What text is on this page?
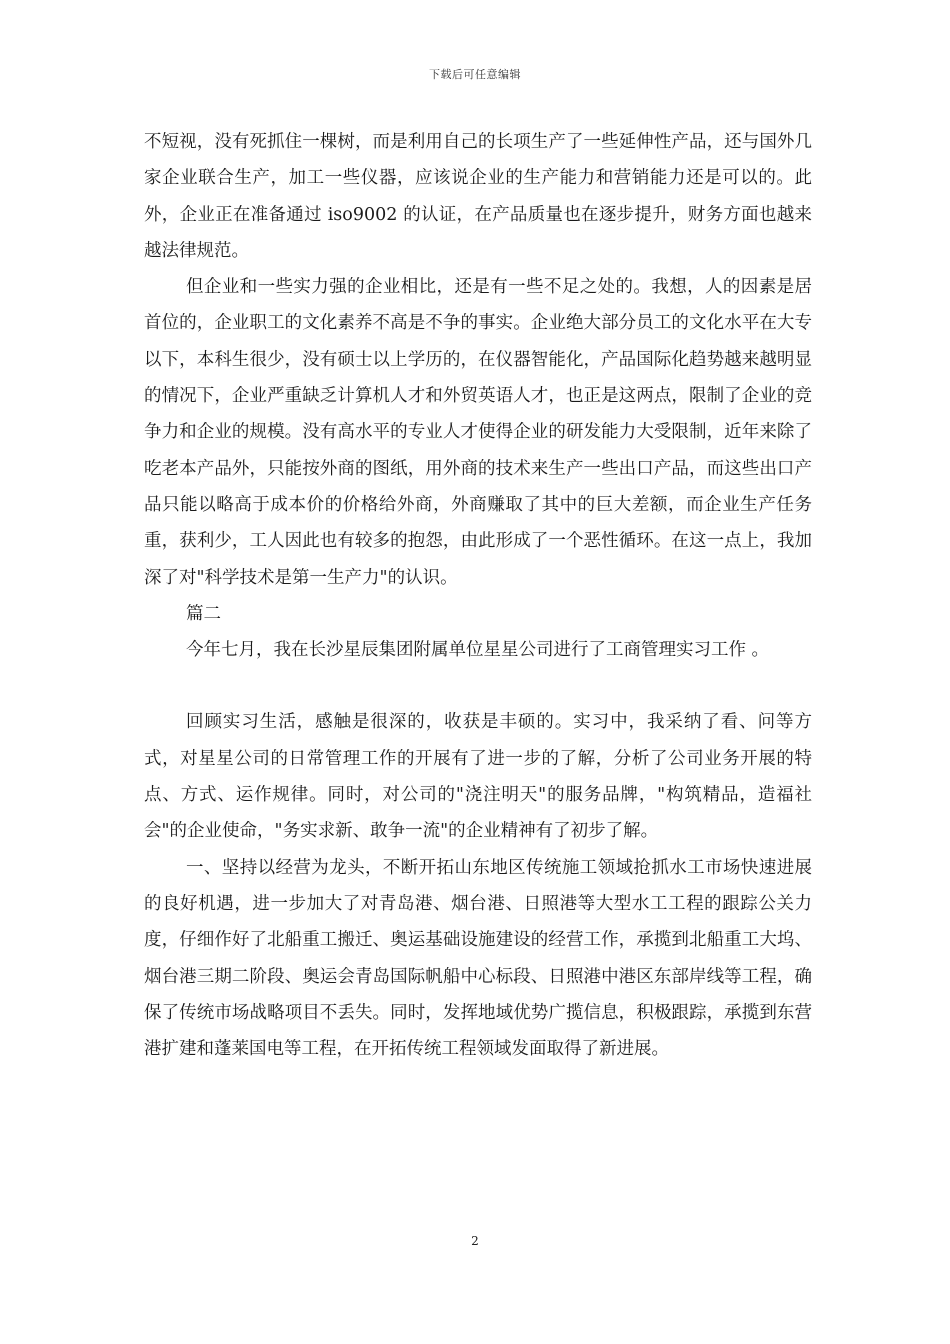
下载后可任意编辑

不短视，没有死抓住一棵树，而是利用自己的长项生产了一些延伸性产品，还与国外几家企业联合生产，加工一些仪器，应该说企业的生产能力和营销能力还是可以的。此外，企业正在准备通过 iso9002 的认证，在产品质量也在逐步提升，财务方面也越来越法律规范。

但企业和一些实力强的企业相比，还是有一些不足之处的。我想，人的因素是居首位的，企业职工的文化素养不高是不争的事实。企业绝大部分员工的文化水平在大专以下，本科生很少，没有硕士以上学历的，在仪器智能化，产品国际化趋势越来越明显的情况下，企业严重缺乏计算机人才和外贸英语人才，也正是这两点，限制了企业的竞争力和企业的规模。没有高水平的专业人才使得企业的研发能力大受限制，近年来除了吃老本产品外，只能按外商的图纸，用外商的技术来生产一些出口产品，而这些出口产品只能以略高于成本价的价格给外商，外商赚取了其中的巨大差额，而企业生产任务重，获利少，工人因此也有较多的抱怨，由此形成了一个恶性循环。在这一点上，我加深了对"科学技术是第一生产力"的认识。

篇二

今年七月，我在长沙星辰集团附属单位星星公司进行了工商管理实习工作 。

回顾实习生活，感触是很深的，收获是丰硕的。实习中，我采纳了看、问等方式，对星星公司的日常管理工作的开展有了进一步的了解，分析了公司业务开展的特点、方式、运作规律。同时，对公司的"浇注明天"的服务品牌，"构筑精品，造福社会"的企业使命，"务实求新、敢争一流"的企业精神有了初步了解。

一、坚持以经营为龙头，不断开拓山东地区传统施工领域抢抓水工市场快速进展的良好机遇，进一步加大了对青岛港、烟台港、日照港等大型水工工程的跟踪公关力度，仔细作好了北船重工搬迁、奥运基础设施建设的经营工作，承揽到北船重工大坞、烟台港三期二阶段、奥运会青岛国际帆船中心标段、日照港中港区东部岸线等工程，确保了传统市场战略项目不丢失。同时，发挥地域优势广揽信息，积极跟踪，承揽到东营港扩建和蓬莱国电等工程，在开拓传统工程领域发面取得了新进展。

2
